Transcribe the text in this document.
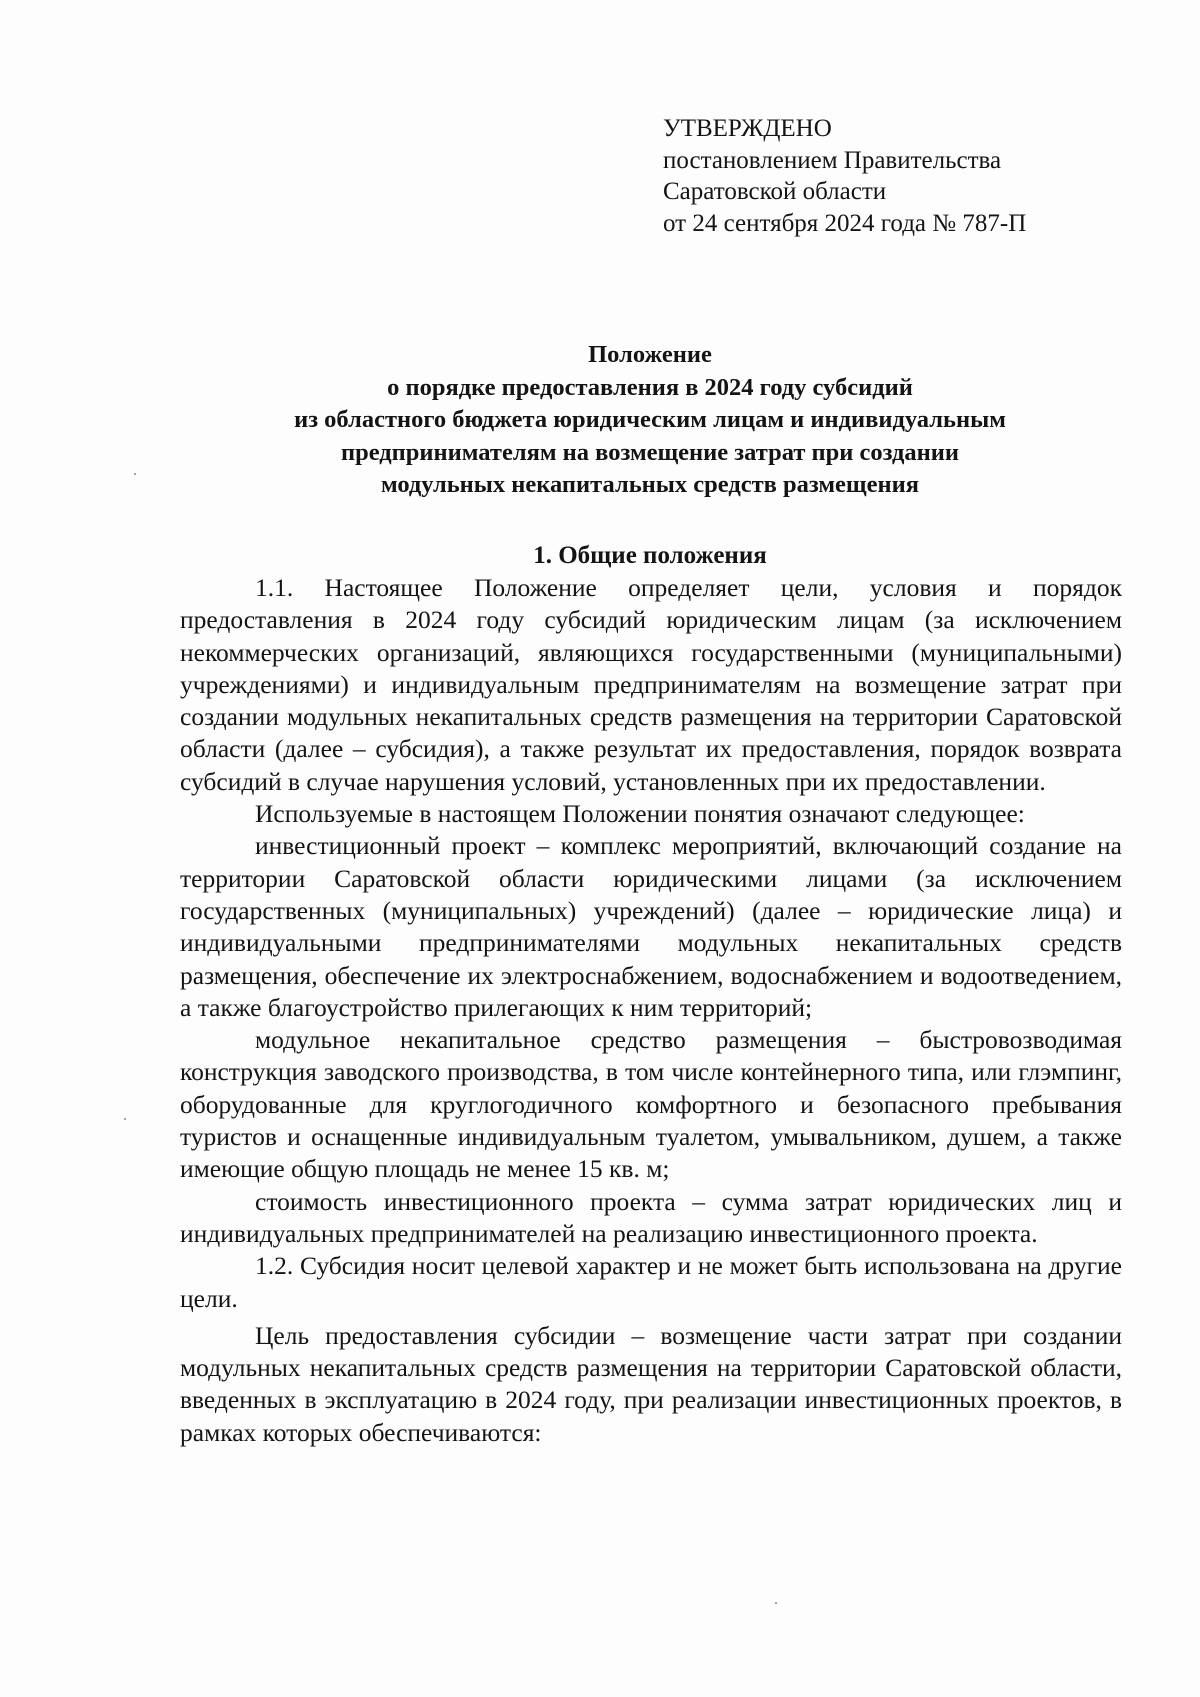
УТВЕРЖДЕНО
постановлением Правительства
Саратовской области
от 24 сентября 2024 года № 787-П
Положение
о порядке предоставления в 2024 году субсидий
из областного бюджета юридическим лицам и индивидуальным
предпринимателям на возмещение затрат при создании
модульных некапитальных средств размещения
1. Общие положения

1.1. Настоящее Положение определяет цели, условия и порядок предоставления в 2024 году субсидий юридическим лицам (за исключением некоммерческих организаций, являющихся государственными (муниципальными) учреждениями) и индивидуальным предпринимателям на возмещение затрат при создании модульных некапитальных средств размещения на территории Саратовской области (далее – субсидия), а также результат их предоставления, порядок возврата субсидий в случае нарушения условий, установленных при их предоставлении.

Используемые в настоящем Положении понятия означают следующее:

инвестиционный проект – комплекс мероприятий, включающий создание на территории Саратовской области юридическими лицами (за исключением государственных (муниципальных) учреждений) (далее – юридические лица) и индивидуальными предпринимателями модульных некапитальных средств размещения, обеспечение их электроснабжением, водоснабжением и водоотведением, а также благоустройство прилегающих к ним территорий;

модульное некапитальное средство размещения – быстровозводимая конструкция заводского производства, в том числе контейнерного типа, или глэмпинг, оборудованные для круглогодичного комфортного и безопасного пребывания туристов и оснащенные индивидуальным туалетом, умывальником, душем, а также имеющие общую площадь не менее 15 кв. м;

стоимость инвестиционного проекта – сумма затрат юридических лиц и индивидуальных предпринимателей на реализацию инвестиционного проекта.

1.2. Субсидия носит целевой характер и не может быть использована на другие цели.

Цель предоставления субсидии – возмещение части затрат при создании модульных некапитальных средств размещения на территории Саратовской области, введенных в эксплуатацию в 2024 году, при реализации инвестиционных проектов, в рамках которых обеспечиваются:
